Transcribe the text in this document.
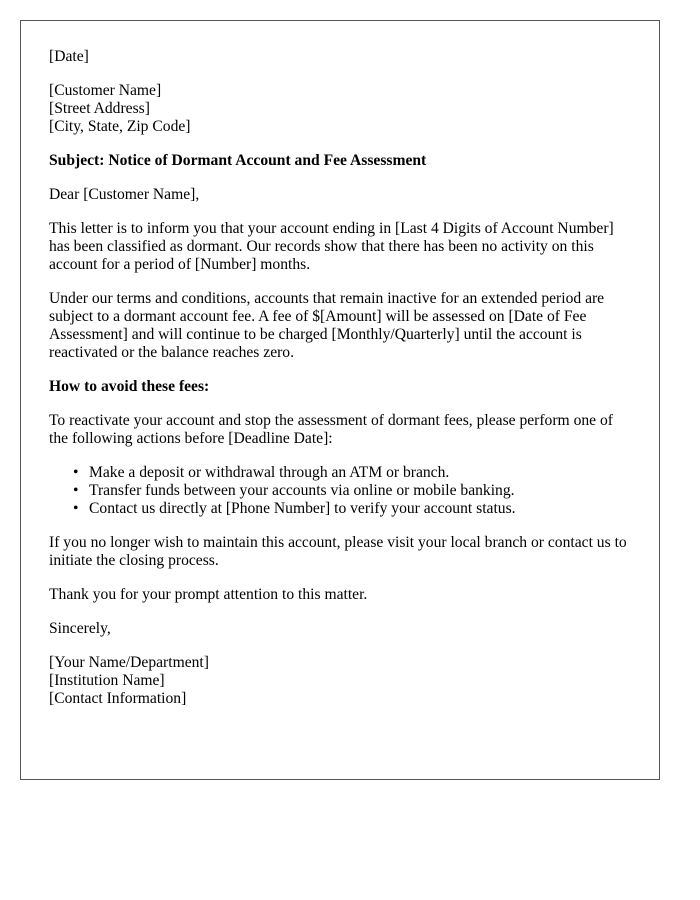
[Date]
[Customer Name]
[Street Address]
[City, State, Zip Code]
Subject: Notice of Dormant Account and Fee Assessment
Dear [Customer Name],
This letter is to inform you that your account ending in [Last 4 Digits of Account Number] has been classified as dormant. Our records show that there has been no activity on this account for a period of [Number] months.
Under our terms and conditions, accounts that remain inactive for an extended period are subject to a dormant account fee. A fee of $[Amount] will be assessed on [Date of Fee Assessment] and will continue to be charged [Monthly/Quarterly] until the account is reactivated or the balance reaches zero.
How to avoid these fees:
To reactivate your account and stop the assessment of dormant fees, please perform one of the following actions before [Deadline Date]:
• Make a deposit or withdrawal through an ATM or branch.
• Transfer funds between your accounts via online or mobile banking.
• Contact us directly at [Phone Number] to verify your account status.
If you no longer wish to maintain this account, please visit your local branch or contact us to initiate the closing process.
Thank you for your prompt attention to this matter.
Sincerely,
[Your Name/Department]
[Institution Name]
[Contact Information]
